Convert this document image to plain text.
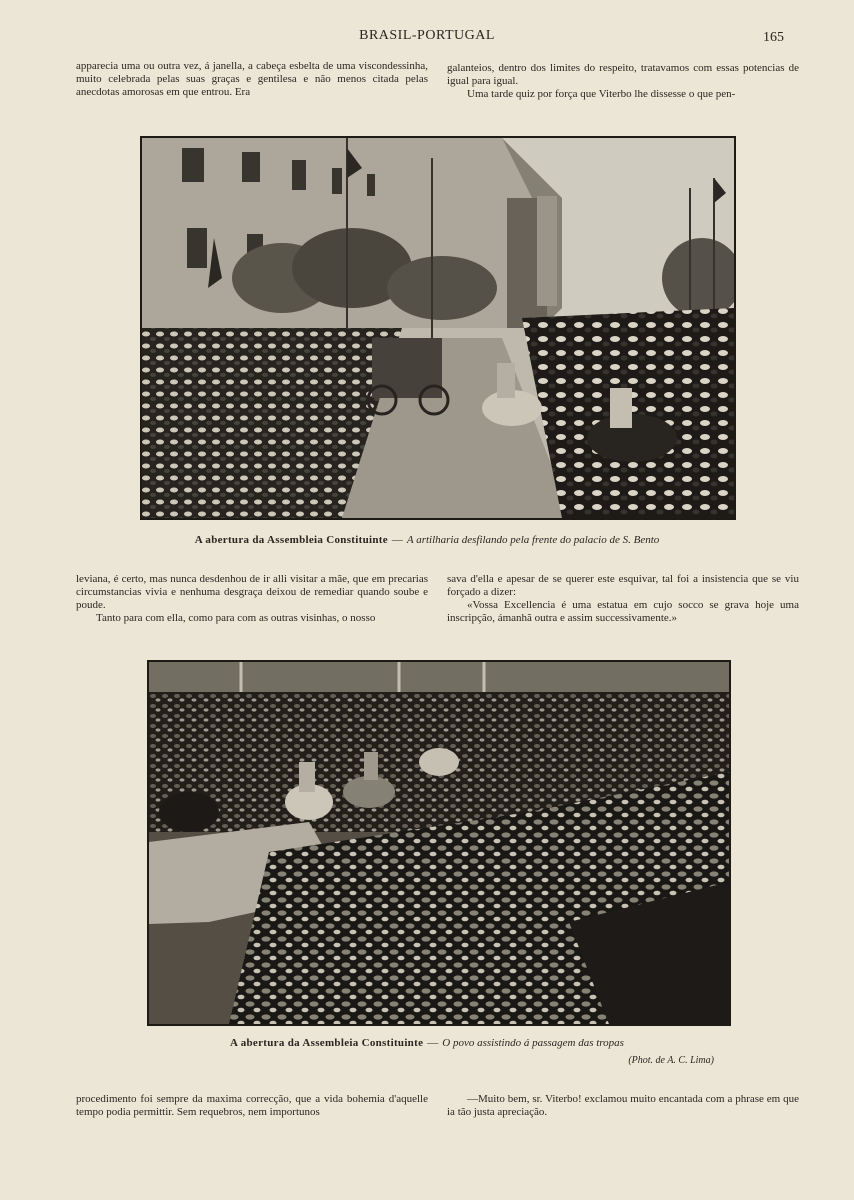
BRASIL-PORTUGAL	165

apparecia uma ou outra vez, á janella, a cabeça esbelta de uma viscondessinha, muito celebrada pelas suas graças e gentilesa e não menos citada pelas anecdotas amorosas em que entrou. Era

galanteios, dentro dos limites do respeito, tratavamos com essas potencias de igual para igual.

Uma tarde quiz por força que Viterbo lhe dissesse o que pen-

A abertura da Assembleia Constituinte — A artilharia desfilando pela frente do palacio de S. Bento

leviana, é certo, mas nunca desdenhou de ir alli visitar a mãe, que em precarias circumstancias vivia e nenhuma desgraça deixou de remediar quando soube e poude.

Tanto para com ella, como para com as outras visinhas, o nosso

sava d'ella e apesar de se querer este esquivar, tal foi a insistencia que se viu forçado a dizer:

«Vossa Excellencia é uma estatua em cujo socco se grava hoje uma inscripção, ámanhã outra e assim successivamente.»

A abertura da Assembleia Constituinte — O povo assistindo á passagem das tropas
(Phot. de A. C. Lima)

procedimento foi sempre da maxima correcção, que a vida bohemia d'aquelle tempo podia permittir. Sem requebros, nem importunos

—Muito bem, sr. Viterbo! exclamou muito encantada com a phrase em que ia tão justa apreciação.
